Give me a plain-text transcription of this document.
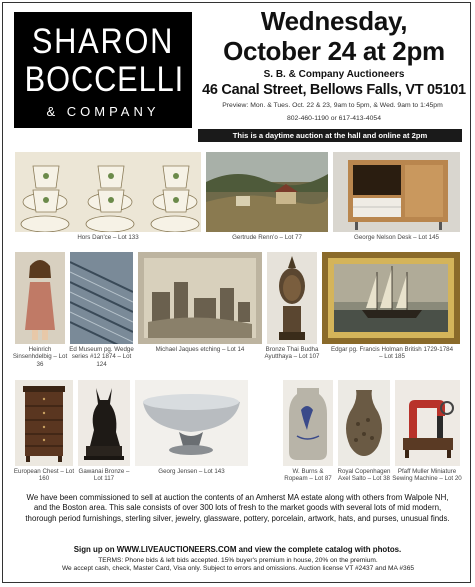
SHARON
BOCCELLI
& COMPANY
Wednesday,
October 24 at 2pm
S. B. & Company Auctioneers
46 Canal Street, Bellows Falls, VT 05101
Preview: Mon. & Tues. Oct. 22 & 23, 9am to 5pm, & Wed. 9am to 1:45pm
802-460-1190 or 617-413-4054
This is a daytime auction at the hall and online at 2pm
Hors Dan'ce – Lot 133	Gertrude Renn’o – Lot 77	George Nelson Desk – Lot 145
Heinrich Sinsenhdelbig – Lot 36
Ed Museum pg. Wedge series #12 1874 – Lot 124
Michael Jaques etching – Lot 14	Bronze Thai Budha Ayutthaya – Lot 107
Edgar pg. Francis Holman British 1729-1784 – Lot 185
European Chest – Lot 160
Gawanai Bronze – Lot 117
Georg Jensen – Lot 143	W. Burns & Ropeam – Lot 87
Royal Copenhagen Axel Salto – Lot 38
Pfaff Muller Miniature Sewing Machine – Lot 20
We have been commissioned to sell at auction the contents of an Amherst MA estate along with others from Walpole NH, and the Boston area. This sale consists of over 300 lots of fresh to the market goods with several lots of mid modern, thorough period furnishings, sterling silver, jewelry, glassware, pottery, porcelain, artwork, hats, and purses, unusual finds.
Sign up on WWW.LIVEAUCTIONEERS.COM and view the complete catalog with photos.
TERMS: Phone bids & left bids accepted. 15% buyer's premium in house, 20% on the premium.
We accept cash, check, Master Card, Visa only. Subject to errors and omissions. Auction license VT #2437 and MA #365
